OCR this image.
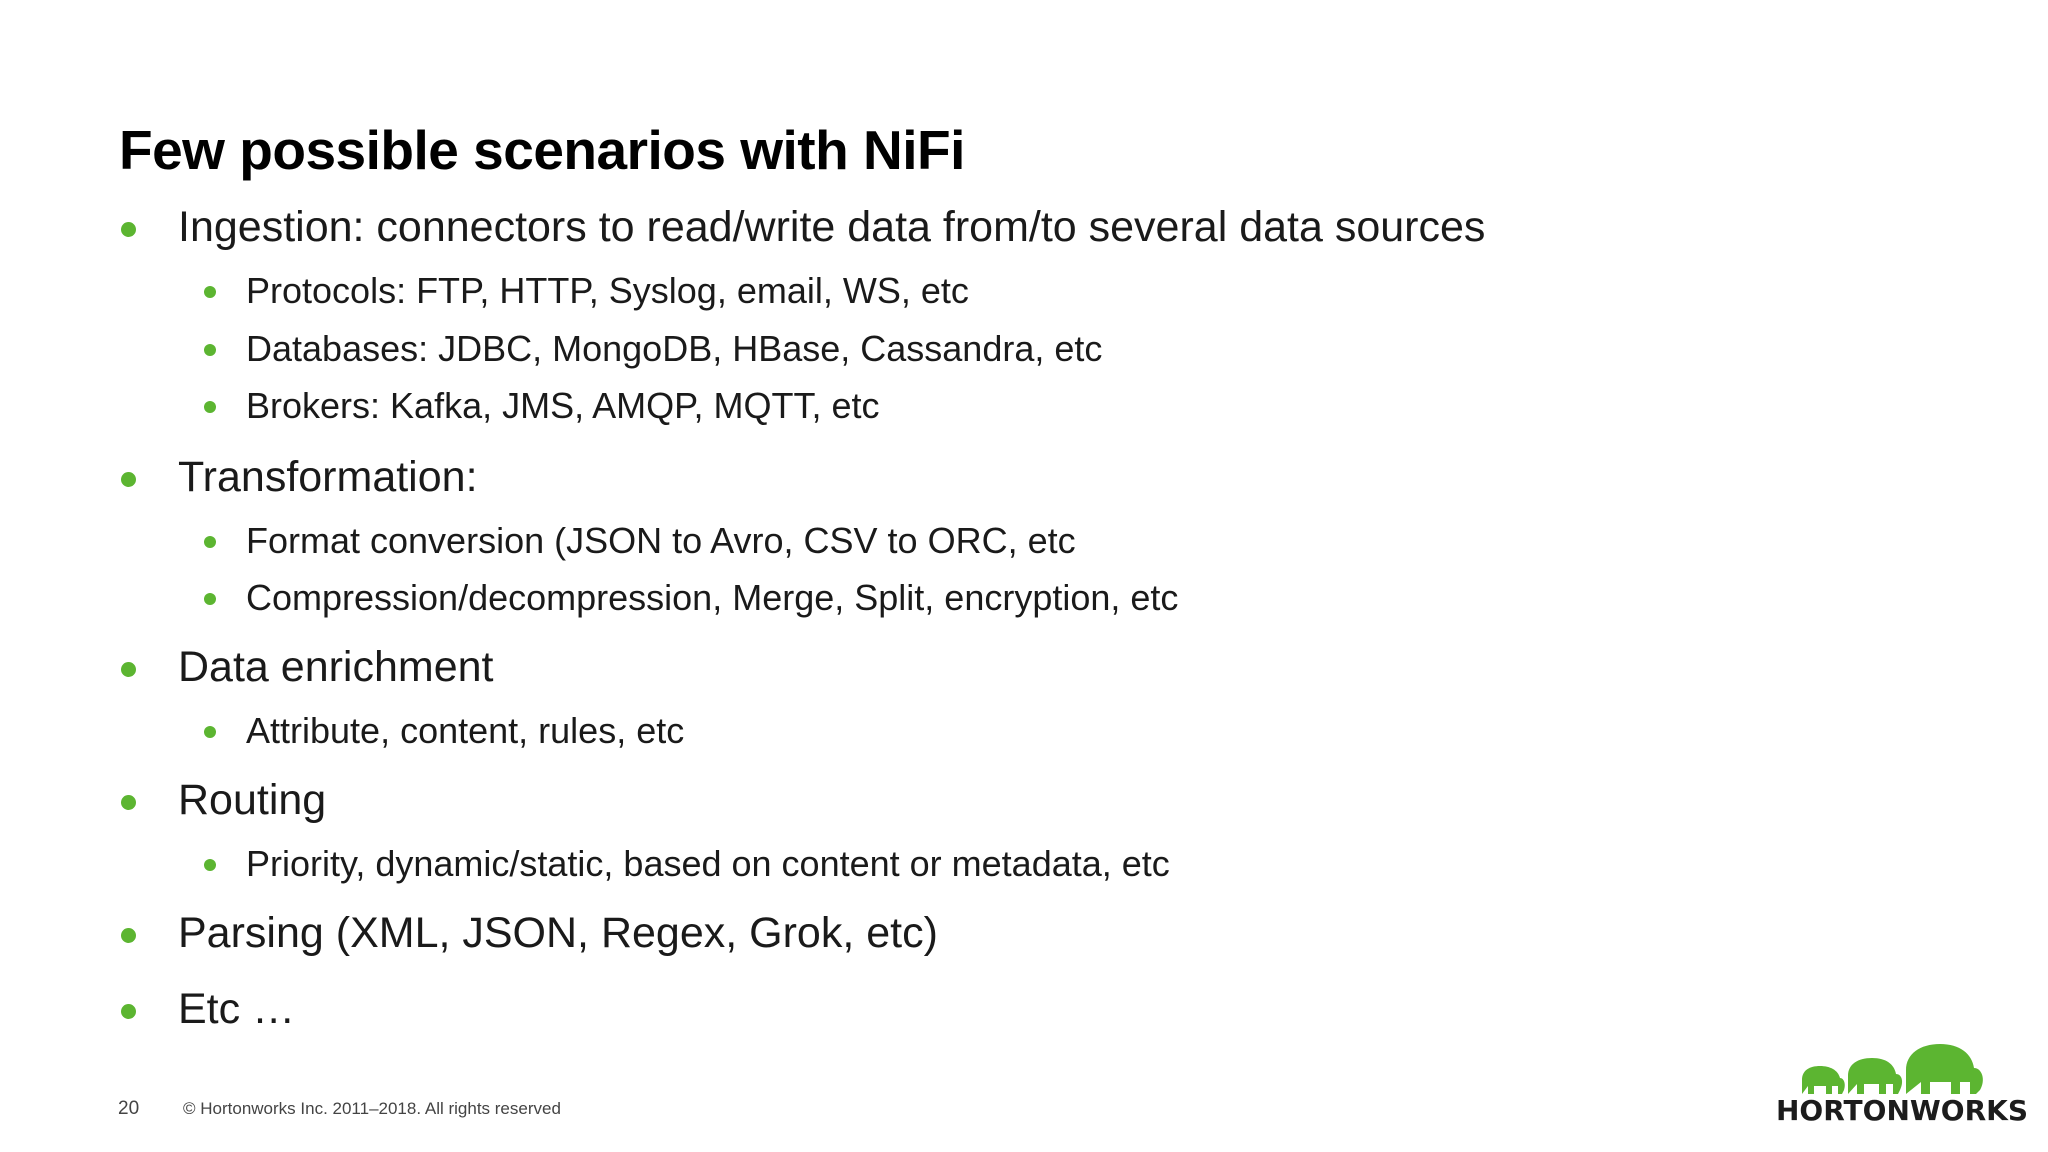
Few possible scenarios with NiFi
Ingestion: connectors to read/write data from/to several data sources
Protocols: FTP, HTTP, Syslog, email, WS, etc
Databases: JDBC, MongoDB, HBase, Cassandra, etc
Brokers: Kafka, JMS, AMQP, MQTT, etc
Transformation:
Format conversion (JSON to Avro, CSV to ORC, etc
Compression/decompression, Merge, Split, encryption, etc
Data enrichment
Attribute, content, rules, etc
Routing
Priority, dynamic/static, based on content or metadata, etc
Parsing (XML, JSON, Regex, Grok, etc)
Etc …
20	© Hortonworks Inc. 2011–2018. All rights reserved	HORTONWORKS
